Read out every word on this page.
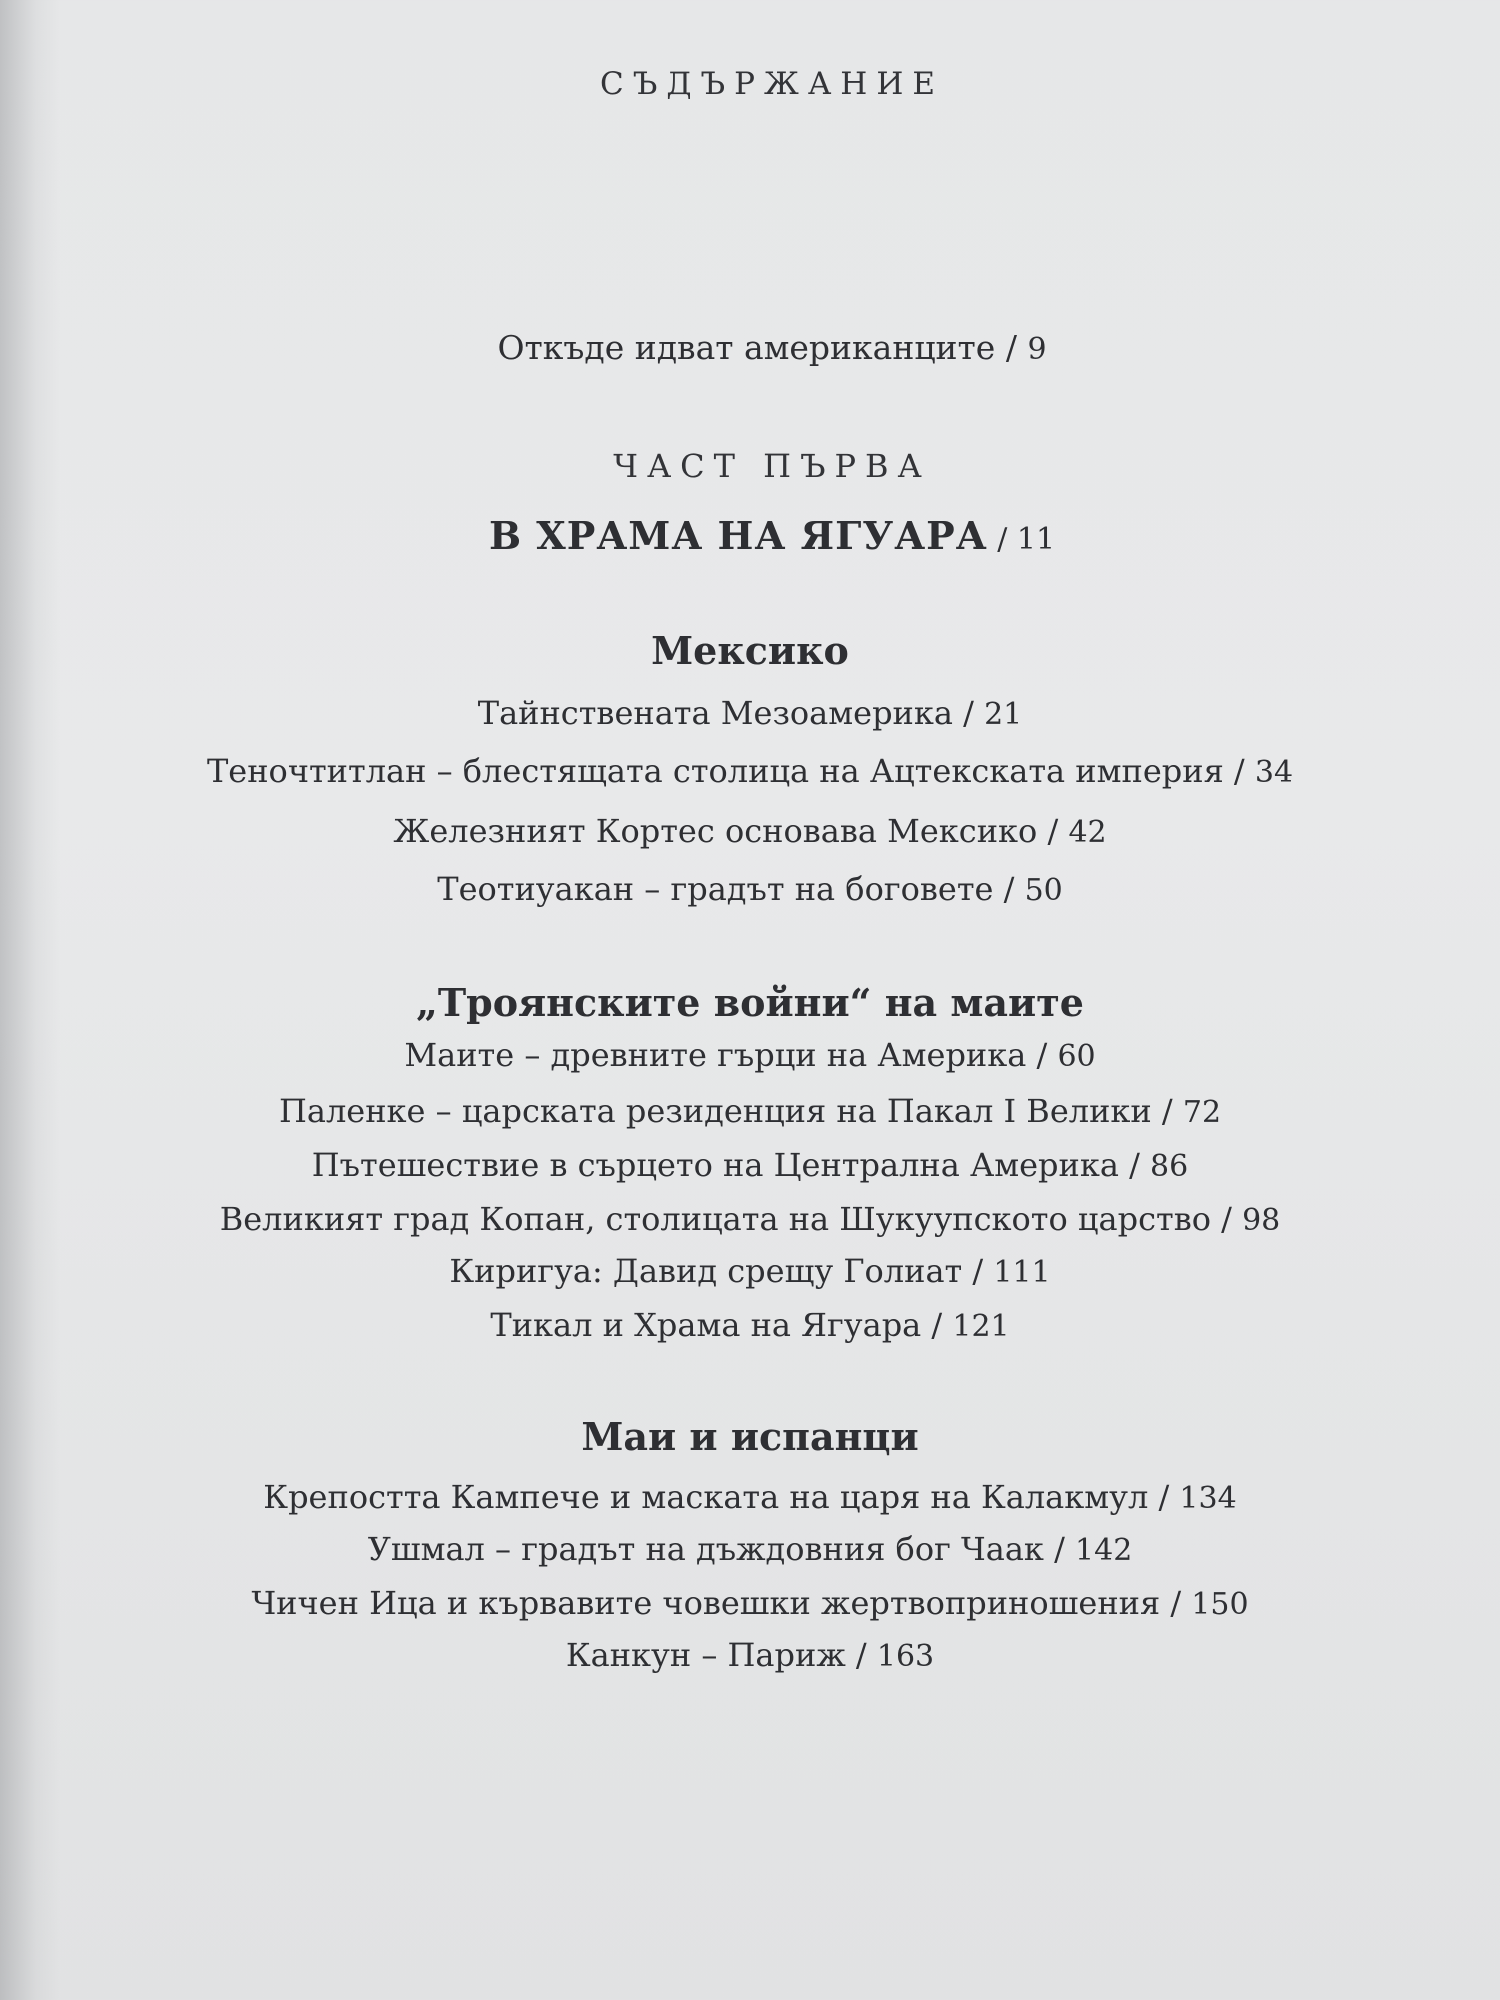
СЪДЪРЖАНИЕ
Откъде идват американците / 9
ЧАСТ ПЪРВА
В ХРАМА НА ЯГУАРА / 11
Мексико
Тайнствената Мезоамерика / 21
Теночтитлан – блестящата столица на Ацтекската империя / 34
Железният Кортес основава Мексико / 42
Теотиуакан – градът на боговете / 50
„Троянските войни“ на маите
Маите – древните гърци на Америка / 60
Паленке – царската резиденция на Пакал I Велики / 72
Пътешествие в сърцето на Централна Америка / 86
Великият град Копан, столицата на Шукуупското царство / 98
Киригуа: Давид срещу Голиат / 111
Тикал и Храма на Ягуара / 121
Маи и испанци
Крепостта Кампече и маската на царя на Калакмул / 134
Ушмал – градът на дъждовния бог Чаак / 142
Чичен Ица и кървавите човешки жертвоприношения / 150
Канкун – Париж / 163
